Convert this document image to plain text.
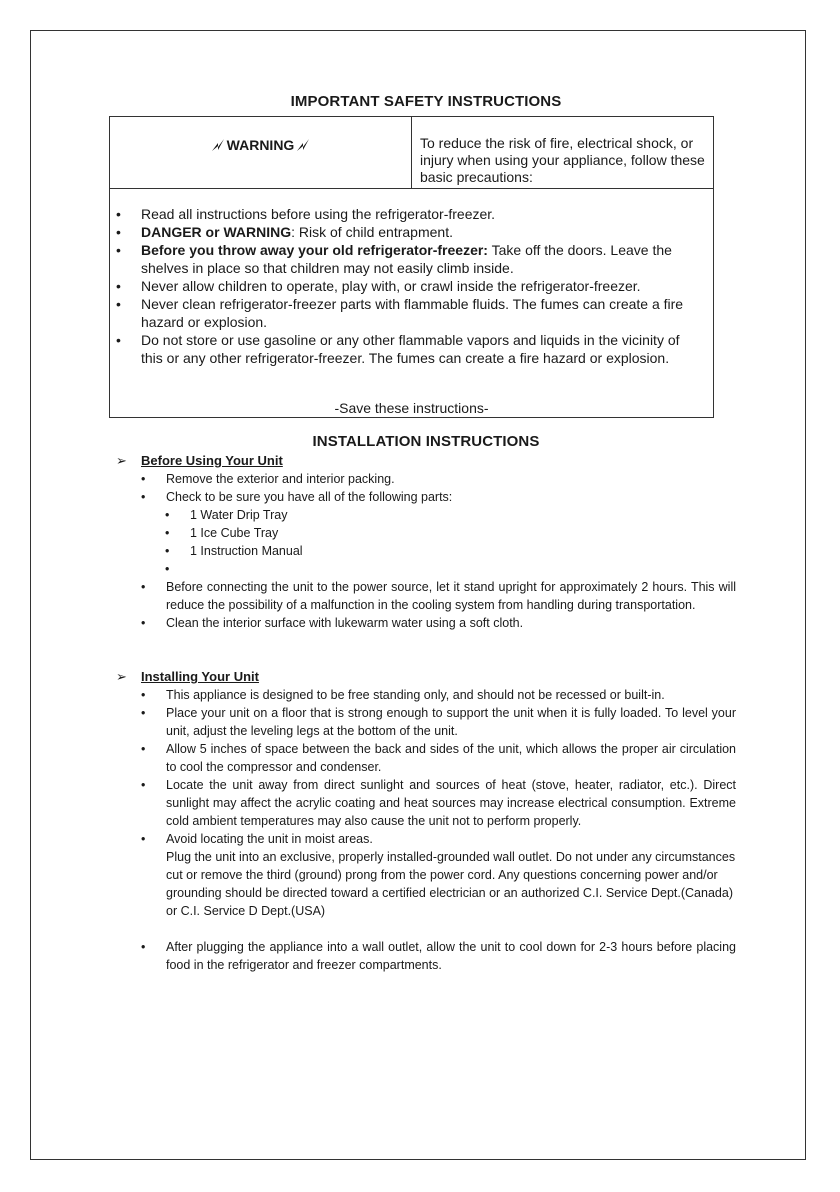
IMPORTANT SAFETY INSTRUCTIONS
WARNING	To reduce the risk of fire, electrical shock, or injury when using your appliance, follow these basic precautions:
• Read all instructions before using the refrigerator-freezer.
• DANGER or WARNING: Risk of child entrapment.
• Before you throw away your old refrigerator-freezer: Take off the doors. Leave the shelves in place so that children may not easily climb inside.
• Never allow children to operate, play with, or crawl inside the refrigerator-freezer.
• Never clean refrigerator-freezer parts with flammable fluids. The fumes can create a fire hazard or explosion.
• Do not store or use gasoline or any other flammable vapors and liquids in the vicinity of this or any other refrigerator-freezer. The fumes can create a fire hazard or explosion.
-Save these instructions-
INSTALLATION INSTRUCTIONS
➢ Before Using Your Unit
• Remove the exterior and interior packing.
• Check to be sure you have all of the following parts:
• 1 Water Drip Tray
• 1 Ice Cube Tray
• 1 Instruction Manual
•

• Before connecting the unit to the power source, let it stand upright for approximately 2 hours. This will reduce the possibility of a malfunction in the cooling system from handling during transportation.
• Clean the interior surface with lukewarm water using a soft cloth.
➢ Installing Your Unit
• This appliance is designed to be free standing only, and should not be recessed or built-in.
• Place your unit on a floor that is strong enough to support the unit when it is fully loaded. To level your unit, adjust the leveling legs at the bottom of the unit.
• Allow 5 inches of space between the back and sides of the unit, which allows the proper air circulation to cool the compressor and condenser.
• Locate the unit away from direct sunlight and sources of heat (stove, heater, radiator, etc.). Direct sunlight may affect the acrylic coating and heat sources may increase electrical consumption. Extreme cold ambient temperatures may also cause the unit not to perform properly.
• Avoid locating the unit in moist areas.
Plug the unit into an exclusive, properly installed-grounded wall outlet. Do not under any circumstances cut or remove the third (ground) prong from the power cord. Any questions concerning power and/or grounding should be directed toward a certified electrician or an authorized C.I. Service Dept.(Canada) or C.I. Service D Dept.(USA)
• After plugging the appliance into a wall outlet, allow the unit to cool down for 2-3 hours before placing food in the refrigerator and freezer compartments.
